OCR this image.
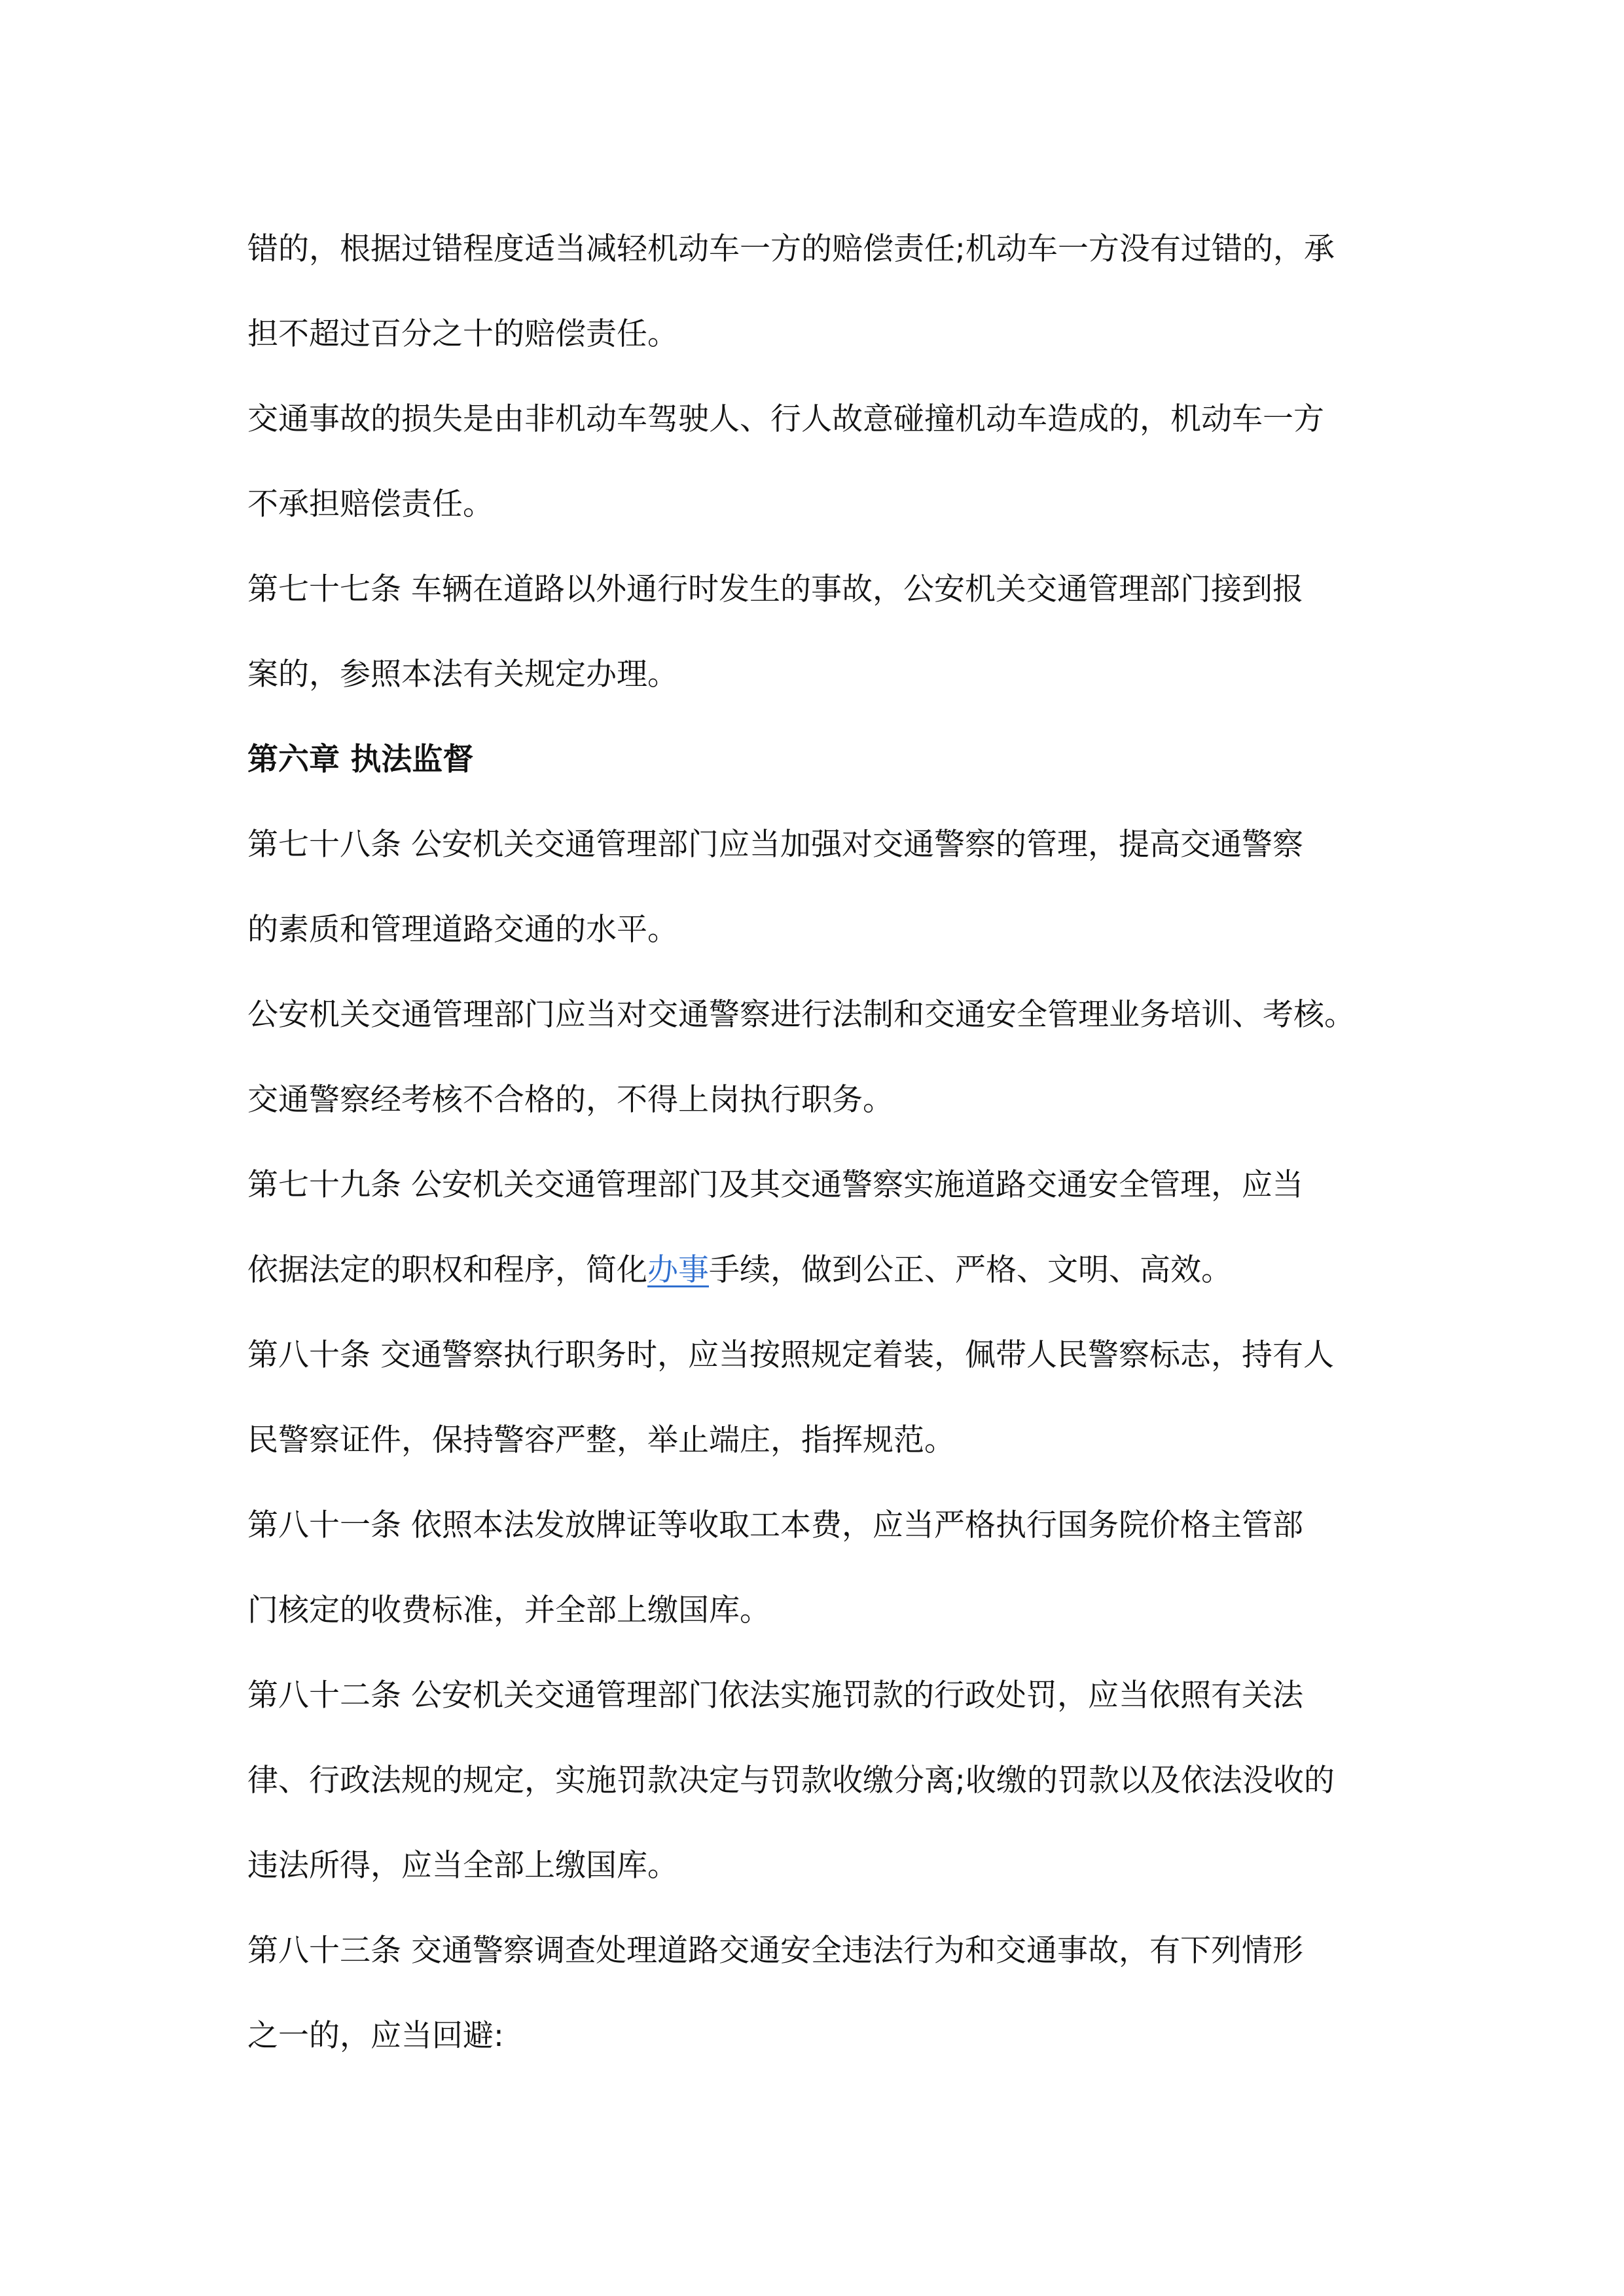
错的，根据过错程度适当减轻机动车一方的赔偿责任;机动车一方没有过错的，承
担不超过百分之十的赔偿责任。
交通事故的损失是由非机动车驾驶人、行人故意碰撞机动车造成的，机动车一方
不承担赔偿责任。
第七十七条 车辆在道路以外通行时发生的事故，公安机关交通管理部门接到报
案的，参照本法有关规定办理。
第六章 执法监督
第七十八条 公安机关交通管理部门应当加强对交通警察的管理，提高交通警察
的素质和管理道路交通的水平。
公安机关交通管理部门应当对交通警察进行法制和交通安全管理业务培训、考核。
交通警察经考核不合格的，不得上岗执行职务。
第七十九条 公安机关交通管理部门及其交通警察实施道路交通安全管理，应当
依据法定的职权和程序，简化办事手续，做到公正、严格、文明、高效。
第八十条 交通警察执行职务时，应当按照规定着装，佩带人民警察标志，持有人
民警察证件，保持警容严整，举止端庄，指挥规范。
第八十一条 依照本法发放牌证等收取工本费，应当严格执行国务院价格主管部
门核定的收费标准，并全部上缴国库。
第八十二条 公安机关交通管理部门依法实施罚款的行政处罚，应当依照有关法
律、行政法规的规定，实施罚款决定与罚款收缴分离;收缴的罚款以及依法没收的
违法所得，应当全部上缴国库。
第八十三条 交通警察调查处理道路交通安全违法行为和交通事故，有下列情形
之一的，应当回避:
